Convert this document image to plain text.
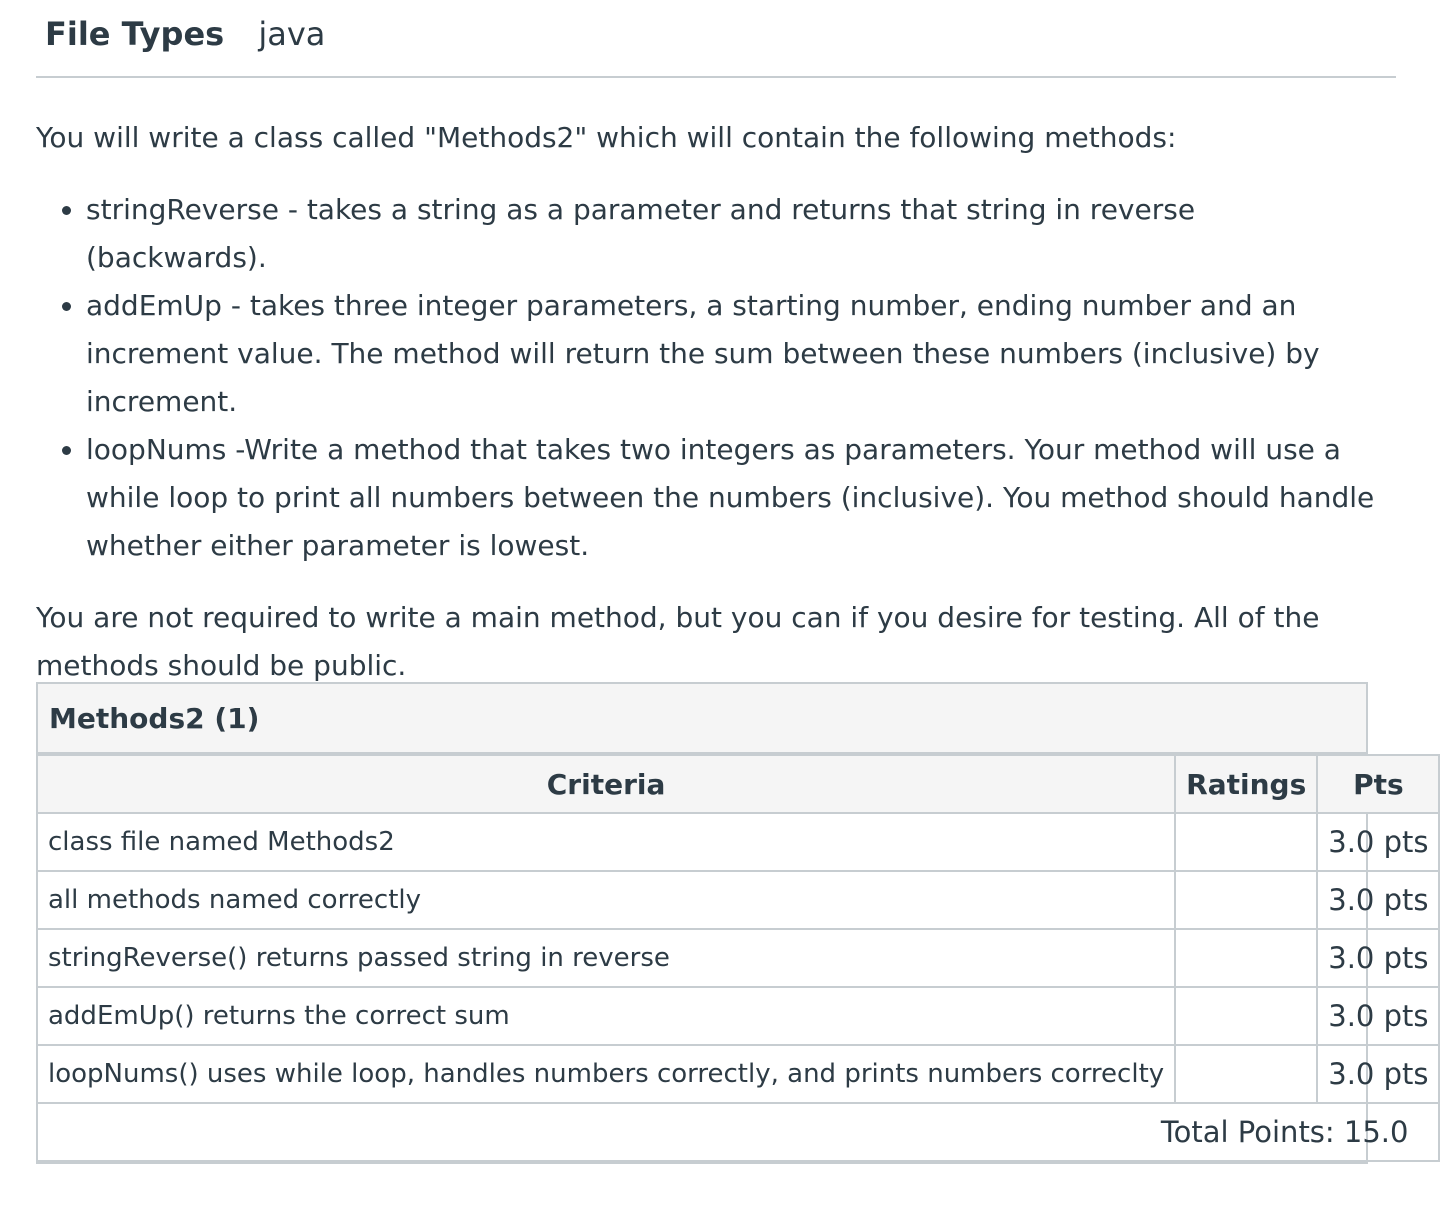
File Types java

You will write a class called "Methods2" which will contain the following methods:

• stringReverse - takes a string as a parameter and returns that string in reverse (backwards).
• addEmUp - takes three integer parameters, a starting number, ending number and an increment value. The method will return the sum between these numbers (inclusive) by increment.
• loopNums -Write a method that takes two integers as parameters. Your method will use a while loop to print all numbers between the numbers (inclusive). You method should handle whether either parameter is lowest.

You are not required to write a main method, but you can if you desire for testing. All of the methods should be public.

Methods2 (1)
Criteria	Ratings	Pts
class file named Methods2		3.0 pts
all methods named correctly		3.0 pts
stringReverse() returns passed string in reverse		3.0 pts
addEmUp() returns the correct sum		3.0 pts
loopNums() uses while loop, handles numbers correctly, and prints numbers correclty		3.0 pts
Total Points: 15.0		
